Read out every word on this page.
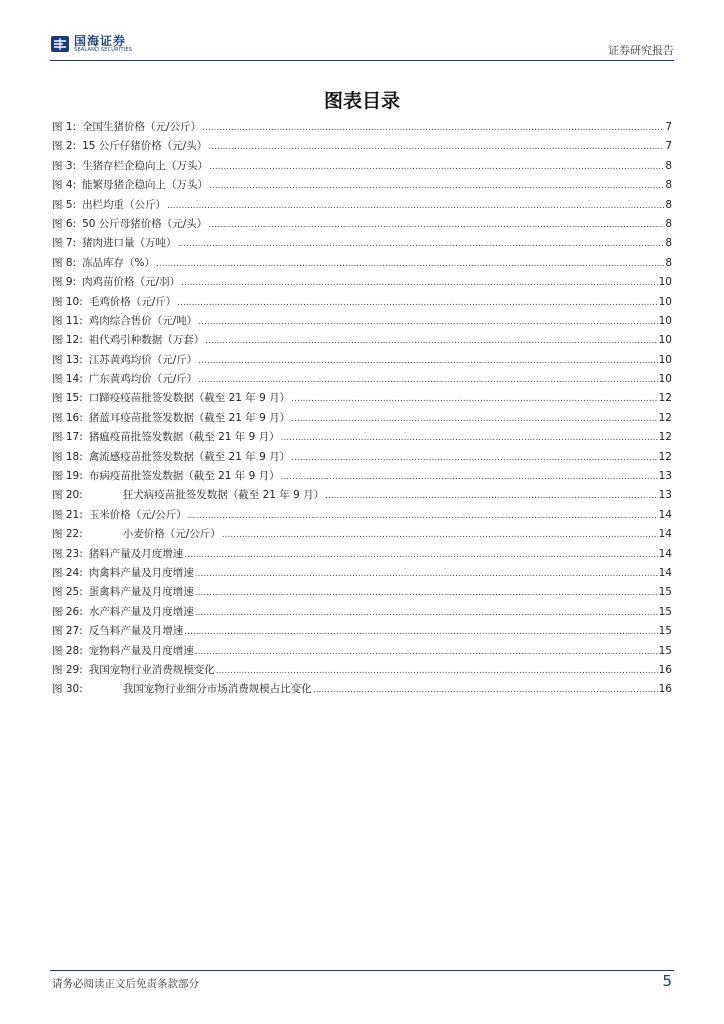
国海证券
SEALAND SECURITIES	证券研究报告
图表目录
图 1: 全国生猪价格（元/公斤） .....	7
图 2: 15 公斤仔猪价格（元/头） .....	7
图 3: 生猪存栏企稳向上（万头） .....	8
图 4: 能繁母猪企稳向上（万头） .....	8
图 5: 出栏均重（公斤） .....	8
图 6: 50 公斤母猪价格（元/头） .....	8
图 7: 猪肉进口量（万吨） .....	8
图 8: 冻品库存（%） .....	8
图 9: 肉鸡苗价格（元/羽） .....	10
图 10: 毛鸡价格（元/斤） .....	10
图 11: 鸡肉综合售价（元/吨） .....	10
图 12: 祖代鸡引种数据（万套） .....	10
图 13: 江苏黄鸡均价（元/斤） .....	10
图 14: 广东黄鸡均价（元/斤） .....	10
图 15: 口蹄疫疫苗批签发数据（截至 21 年 9 月） .....	12
图 16: 猪蓝耳疫苗批签发数据（截至 21 年 9 月） .....	12
图 17: 猪瘟疫苗批签发数据（截至 21 年 9 月） .....	12
图 18: 禽流感疫苗批签发数据（截至 21 年 9 月） .....	12
图 19: 布病疫苗批签发数据（截至 21 年 9 月） .....	13
图 20:	狂犬病疫苗批签发数据（截至 21 年 9 月） .....	13
图 21: 玉米价格（元/公斤） .....	14
图 22:	小麦价格（元/公斤） .....	14
图 23: 猪料产量及月度增速 .....	14
图 24: 肉禽料产量及月度增速 .....	14
图 25: 蛋禽料产量及月度增速 .....	15
图 26: 水产料产量及月度增速 .....	15
图 27: 反刍料产量及月增速 .....	15
图 28: 宠物料产量及月度增速 .....	15
图 29: 我国宠物行业消费规模变化 .....	16
图 30:	我国宠物行业细分市场消费规模占比变化 .....	16
请务必阅读正文后免责条款部分	5
